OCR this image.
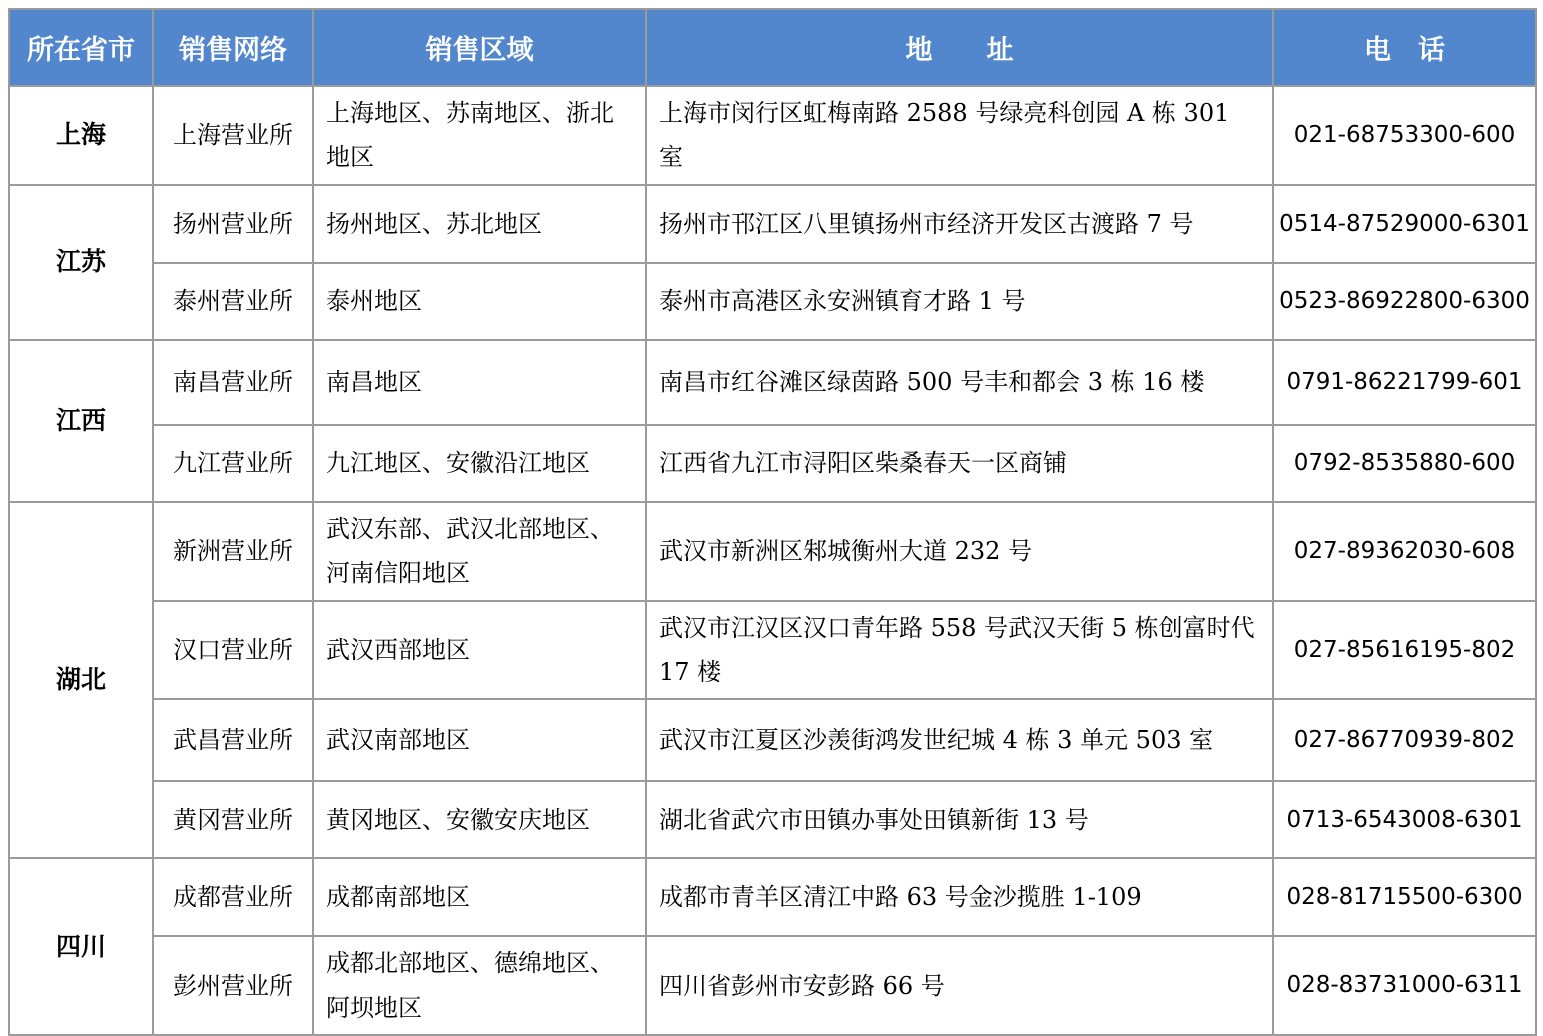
所在省市	销售网络	销售区域	地　　址	电　话
上海	上海营业所	上海地区、苏南地区、浙北地区	上海市闵行区虹梅南路 2588 号绿亮科创园 A 栋 301 室	021-68753300-600
江苏	扬州营业所	扬州地区、苏北地区	扬州市邗江区八里镇扬州市经济开发区古渡路 7 号	0514-87529000-6301
	泰州营业所	泰州地区	泰州市高港区永安洲镇育才路 1 号	0523-86922800-6300
江西	南昌营业所	南昌地区	南昌市红谷滩区绿茵路 500 号丰和都会 3 栋 16 楼	0791-86221799-601
	九江营业所	九江地区、安徽沿江地区	江西省九江市浔阳区柴桑春天一区商铺	0792-8535880-600
湖北	新洲营业所	武汉东部、武汉北部地区、河南信阳地区	武汉市新洲区邾城衡州大道 232 号	027-89362030-608
	汉口营业所	武汉西部地区	武汉市江汉区汉口青年路 558 号武汉天街 5 栋创富时代 17 楼	027-85616195-802
	武昌营业所	武汉南部地区	武汉市江夏区沙羡街鸿发世纪城 4 栋 3 单元 503 室	027-86770939-802
	黄冈营业所	黄冈地区、安徽安庆地区	湖北省武穴市田镇办事处田镇新街 13 号	0713-6543008-6301
四川	成都营业所	成都南部地区	成都市青羊区清江中路 63 号金沙揽胜 1-109	028-81715500-6300
	彭州营业所	成都北部地区、德绵地区、阿坝地区	四川省彭州市安彭路 66 号	028-83731000-6311
